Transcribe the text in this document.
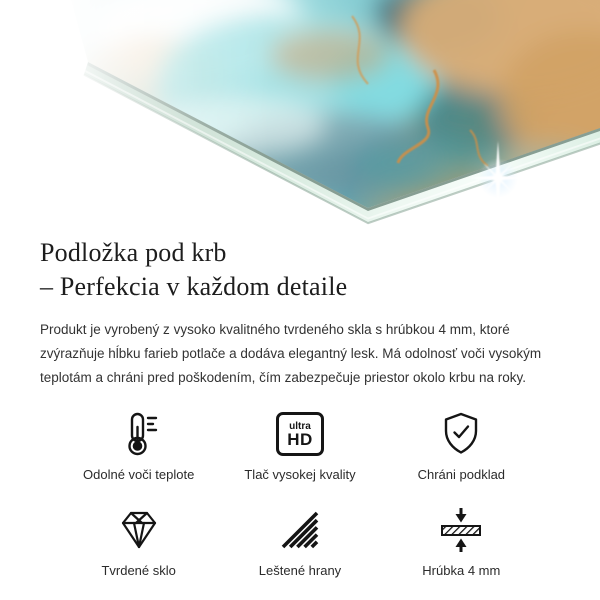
Podložka pod krb
– Perfekcia v každom detaile

Produkt je vyrobený z vysoko kvalitného tvrdeného skla s hrúbkou 4 mm, ktoré zvýrazňuje hĺbku farieb potlače a dodáva elegantný lesk. Má odolnosť voči vysokým teplotám a chráni pred poškodením, čím zabezpečuje priestor okolo krbu na roky.

Odolné voči teplote
ultra
HD
Tlač vysokej kvality	Chráni podklad
Tvrdené sklo	Leštené hrany	Hrúbka 4 mm
